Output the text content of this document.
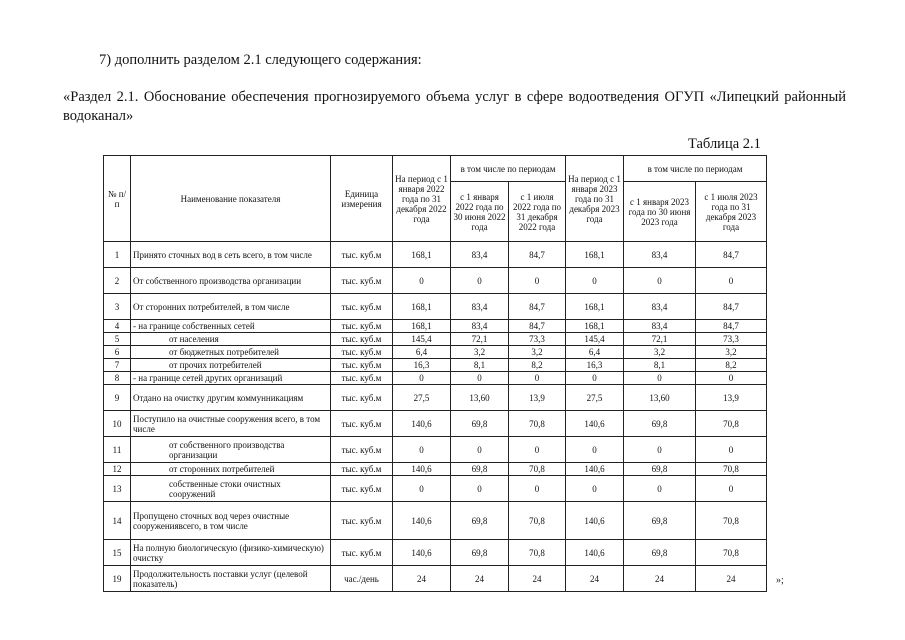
7) дополнить разделом 2.1 следующего содержания:
«Раздел 2.1. Обоснование обеспечения прогнозируемого объема услуг в сфере водоотведения ОГУП «Липецкий районный водоканал»
Таблица 2.1
№ п/п	Наименование показателя	Единица измерения	На период с 1 января 2022 года по 31 декабря 2022 года	в том числе по периодам		На период с 1 января 2023 года по 31 декабря 2023 года	в том числе по периодам	
				с 1 января 2022 года по 30 июня 2022 года	с 1 июля 2022 года по 31 декабря 2022 года		с 1 января 2023 года по 30 июня 2023 года	с 1 июля 2023 года по 31 декабря 2023 года
1	Принято сточных вод в сеть всего, в том числе	тыс. куб.м	168,1	83,4	84,7	168,1	83,4	84,7
2	От собственного производства организации	тыс. куб.м	0	0	0	0	0	0
3	От сторонних потребителей, в том числе	тыс. куб.м	168,1	83,4	84,7	168,1	83,4	84,7
4	- на границе собственных сетей	тыс. куб.м	168,1	83,4	84,7	168,1	83,4	84,7
5	от населения	тыс. куб.м	145,4	72,1	73,3	145,4	72,1	73,3
6	от бюджетных потребителей	тыс. куб.м	6,4	3,2	3,2	6,4	3,2	3,2
7	от прочих потребителей	тыс. куб.м	16,3	8,1	8,2	16,3	8,1	8,2
8	- на границе сетей других организаций	тыс. куб.м	0	0	0	0	0	0
9	Отдано на очистку другим коммунникациям	тыс. куб.м	27,5	13,60	13,9	27,5	13,60	13,9
10	Поступило на очистные сооружения всего, в том числе	тыс. куб.м	140,6	69,8	70,8	140,6	69,8	70,8
11	от собственного производства организации	тыс. куб.м	0	0	0	0	0	0
12	от сторонних потребителей	тыс. куб.м	140,6	69,8	70,8	140,6	69,8	70,8
13	собственные стоки очистных сооружений	тыс. куб.м	0	0	0	0	0	0
14	Пропущено сточных вод через очистные сооружениявсего, в том числе	тыс. куб.м	140,6	69,8	70,8	140,6	69,8	70,8
15	На полную биологическую (физико-химическую) очистку	тыс. куб.м	140,6	69,8	70,8	140,6	69,8	70,8
19	Продолжительность поставки услуг (целевой показатель)	час./день	24	24	24	24	24	24	»;
